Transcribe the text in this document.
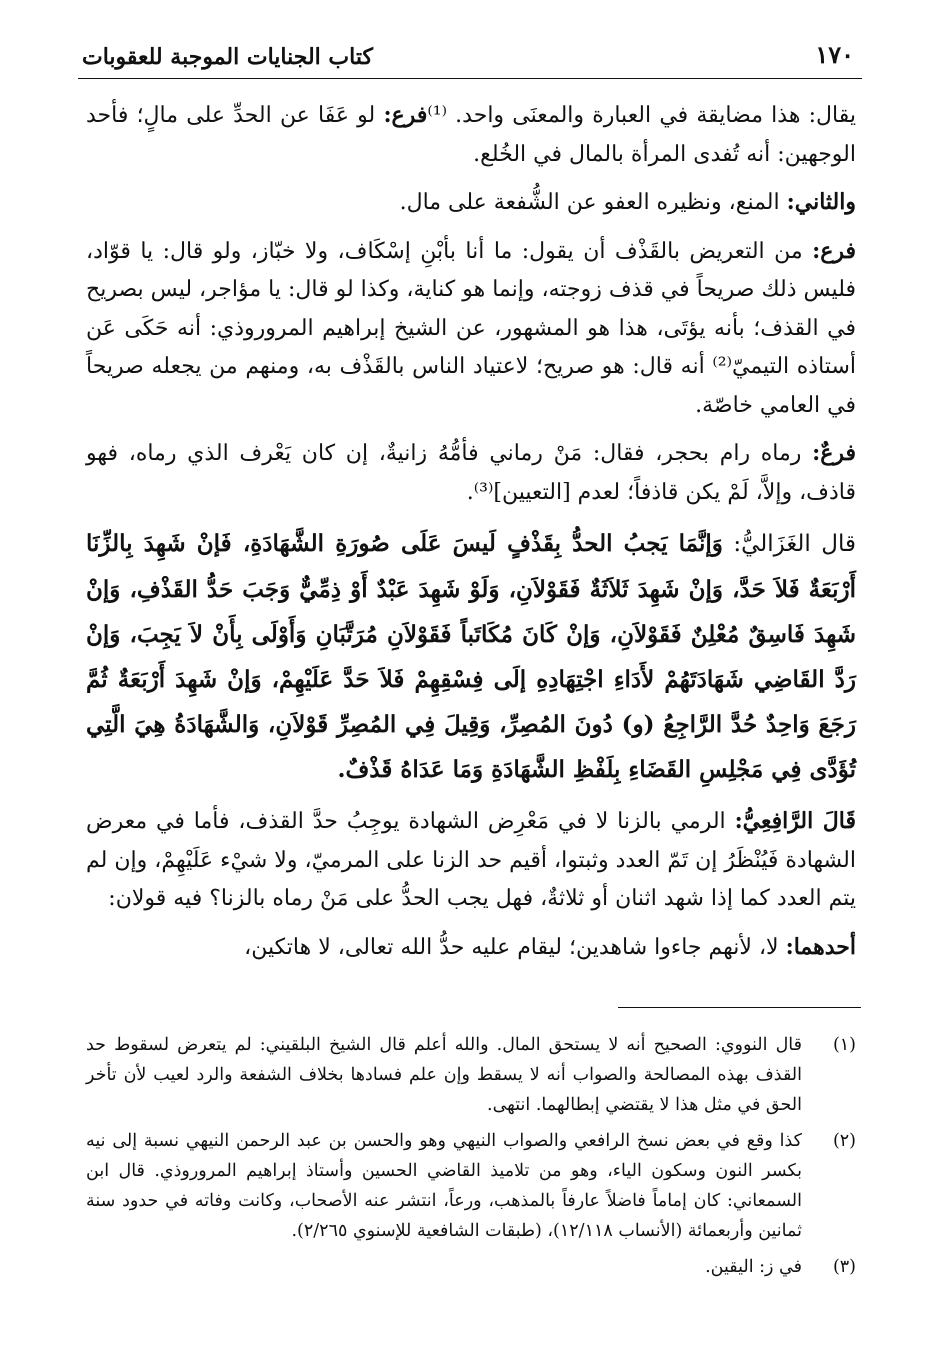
١٧٠
كتاب الجنايات الموجبة للعقوبات

يقال: هذا مضايقة في العبارة والمعنَى واحد. ⁽¹⁾فرع: لو عَفَا عن الحدِّ على مالٍ؛ فأحد الوجهين: أنه تُفدى المرأة بالمال في الخُلع.

والثاني: المنع، ونظيره العفو عن الشُّفعة على مال.

فرع: من التعريض بالقَذْف أن يقول: ما أنا بأبْنِ إسْكَاف، ولا خبّاز، ولو قال: يا قوّاد، فليس ذلك صريحاً في قذف زوجته، وإنما هو كناية، وكذا لو قال: يا مؤاجر، ليس بصريح في القذف؛ بأنه يؤتَى، هذا هو المشهور، عن الشيخ إبراهيم المروروذي: أنه حَكَى عَن أستاذه التيميّ⁽²⁾ أنه قال: هو صريح؛ لاعتياد الناس بالقَذْف به، ومنهم من يجعله صريحاً في العامي خاصّة.

فرعٌ: رماه رام بحجر، فقال: مَنْ رماني فأمُّهُ زانيةٌ، إن كان يَعْرف الذي رماه، فهو قاذف، وإلاَّ، لَمْ يكن قاذفاً؛ لعدم [التعيين]⁽³⁾.

قال الغَزَاليُّ: وَإنَّمَا يَجبُ الحدُّ بِقَذْفٍ لَيسَ عَلَى صُورَةِ الشَّهَادَةِ، فَإنْ شَهِدَ بِالزِّنَا أَرْبَعَةٌ فَلاَ حَدَّ، وَإنْ شَهِدَ ثَلاَثَةٌ فَقَوْلاَنِ، وَلَوْ شَهِدَ عَبْدٌ أَوْ ذِمِّيٌّ وَجَبَ حَدُّ القَذْفِ، وَإنْ شَهِدَ فَاسِقٌ مُعْلِنٌ فَقَوْلاَنِ، وَإنْ كَانَ مُكَاتَباً فَقَوْلاَنِ مُرَتَّبَانِ وَأَوْلَى بِأَنْ لاَ يَجِبَ، وَإنْ رَدَّ القَاضِي شَهَادَتَهُمْ لأَدَاءِ اجْتِهَادِهِ إلَى فِسْقِهِمْ فَلاَ حَدَّ عَلَيْهِمْ، وَإنْ شَهِدَ أَرْبَعَةٌ ثُمَّ رَجَعَ وَاحِدٌ حُدَّ الرَّاجِعُ (و) دُونَ المُصِرِّ، وَقِيلَ فِي المُصِرِّ قَوْلاَنِ، وَالشَّهَادَةُ هِيَ الَّتِي تُؤَدَّى فِي مَجْلِسِ القَضَاءِ بِلَفْظِ الشَّهَادَةِ وَمَا عَدَاهُ قَذْفٌ.

قَالَ الرَّافِعِيُّ: الرمي بالزنا لا في مَعْرِض الشهادة يوجِبُ حدَّ القذف، فأما في معرض الشهادة فَيُنْظَرُ إن تَمّ العدد وثبتوا، أقيم حد الزنا على المرميّ، ولا شيْء عَلَيْهِمْ، وإن لم يتم العدد كما إذا شهد اثنان أو ثلاثةٌ، فهل يجب الحدُّ على مَنْ رماه بالزنا؟ فيه قولان:

أحدهما: لا، لأنهم جاءوا شاهدين؛ ليقام عليه حدُّ الله تعالى، لا هاتكين،

(١)
قال النووي: الصحيح أنه لا يستحق المال. والله أعلم قال الشيخ البلقيني: لم يتعرض لسقوط حد القذف بهذه المصالحة والصواب أنه لا يسقط وإن علم فسادها بخلاف الشفعة والرد لعيب لأن تأخر الحق في مثل هذا لا يقتضي إبطالهما. انتهى.
(٢)
كذا وقع في بعض نسخ الرافعي والصواب النيهي وهو والحسن بن عبد الرحمن النيهي نسبة إلى نيه بكسر النون وسكون الياء، وهو من تلاميذ القاضي الحسين وأستاذ إبراهيم المروروذي. قال ابن السمعاني: كان إماماً فاضلاً عارفاً بالمذهب، ورعاً، انتشر عنه الأصحاب، وكانت وفاته في حدود سنة ثمانين وأربعمائة (الأنساب ١٢/١١٨)، (طبقات الشافعية للإسنوي ٢/٢٦٥).
(٣)
في ز: اليقين.
